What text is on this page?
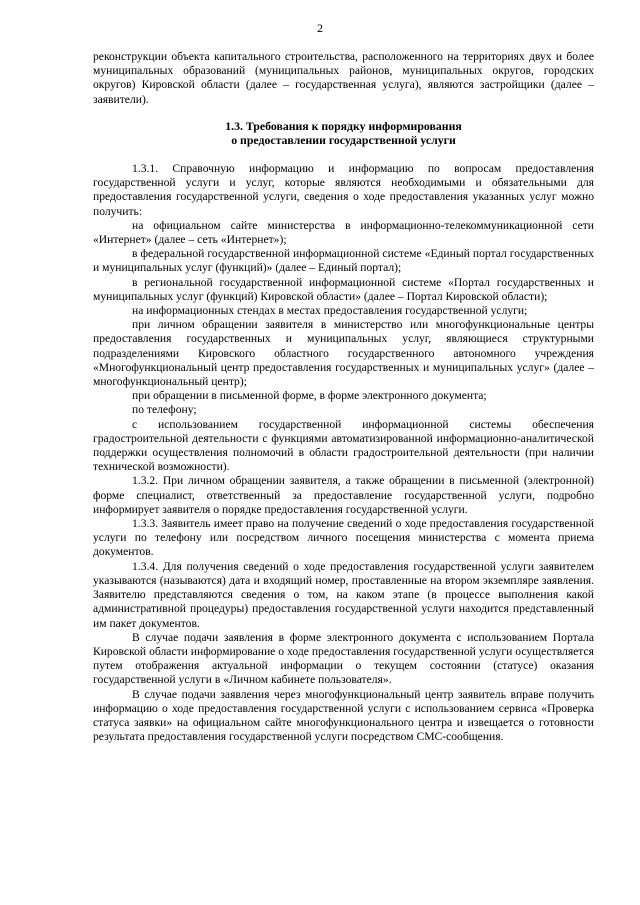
2

реконструкции объекта капитального строительства, расположенного на территориях двух и более муниципальных образований (муниципальных районов, муниципальных округов, городских округов) Кировской области (далее – государственная услуга), являются застройщики (далее – заявители).

1.3. Требования к порядку информирования
о предоставлении государственной услуги

1.3.1. Справочную информацию и информацию по вопросам предоставления государственной услуги и услуг, которые являются необходимыми и обязательными для предоставления государственной услуги, сведения о ходе предоставления указанных услуг можно получить:

на официальном сайте министерства в информационно-телекоммуникационной сети «Интернет» (далее – сеть «Интернет»);

в федеральной государственной информационной системе «Единый портал государственных и муниципальных услуг (функций)» (далее – Единый портал);

в региональной государственной информационной системе «Портал государственных и муниципальных услуг (функций) Кировской области» (далее – Портал Кировской области);

на информационных стендах в местах предоставления государственной услуги;

при личном обращении заявителя в министерство или многофункциональные центры предоставления государственных и муниципальных услуг, являющиеся структурными подразделениями Кировского областного государственного автономного учреждения «Многофункциональный центр предоставления государственных и муниципальных услуг» (далее – многофункциональный центр);

при обращении в письменной форме, в форме электронного документа;

по телефону;

с использованием государственной информационной системы обеспечения градостроительной деятельности с функциями автоматизированной информационно-аналитической поддержки осуществления полномочий в области градостроительной деятельности (при наличии технической возможности).

1.3.2. При личном обращении заявителя, а также обращении в письменной (электронной) форме специалист, ответственный за предоставление государственной услуги, подробно информирует заявителя о порядке предоставления государственной услуги.

1.3.3. Заявитель имеет право на получение сведений о ходе предоставления государственной услуги по телефону или посредством личного посещения министерства с момента приема документов.

1.3.4. Для получения сведений о ходе предоставления государственной услуги заявителем указываются (называются) дата и входящий номер, проставленные на втором экземпляре заявления. Заявителю представляются сведения о том, на каком этапе (в процессе выполнения какой административной процедуры) предоставления государственной услуги находится представленный им пакет документов.

В случае подачи заявления в форме электронного документа с использованием Портала Кировской области информирование о ходе предоставления государственной услуги осуществляется путем отображения актуальной информации о текущем состоянии (статусе) оказания государственной услуги в «Личном кабинете пользователя».

В случае подачи заявления через многофункциональный центр заявитель вправе получить информацию о ходе предоставления государственной услуги с использованием сервиса «Проверка статуса заявки» на официальном сайте многофункционального центра и извещается о готовности результата предоставления государственной услуги посредством СМС-сообщения.
